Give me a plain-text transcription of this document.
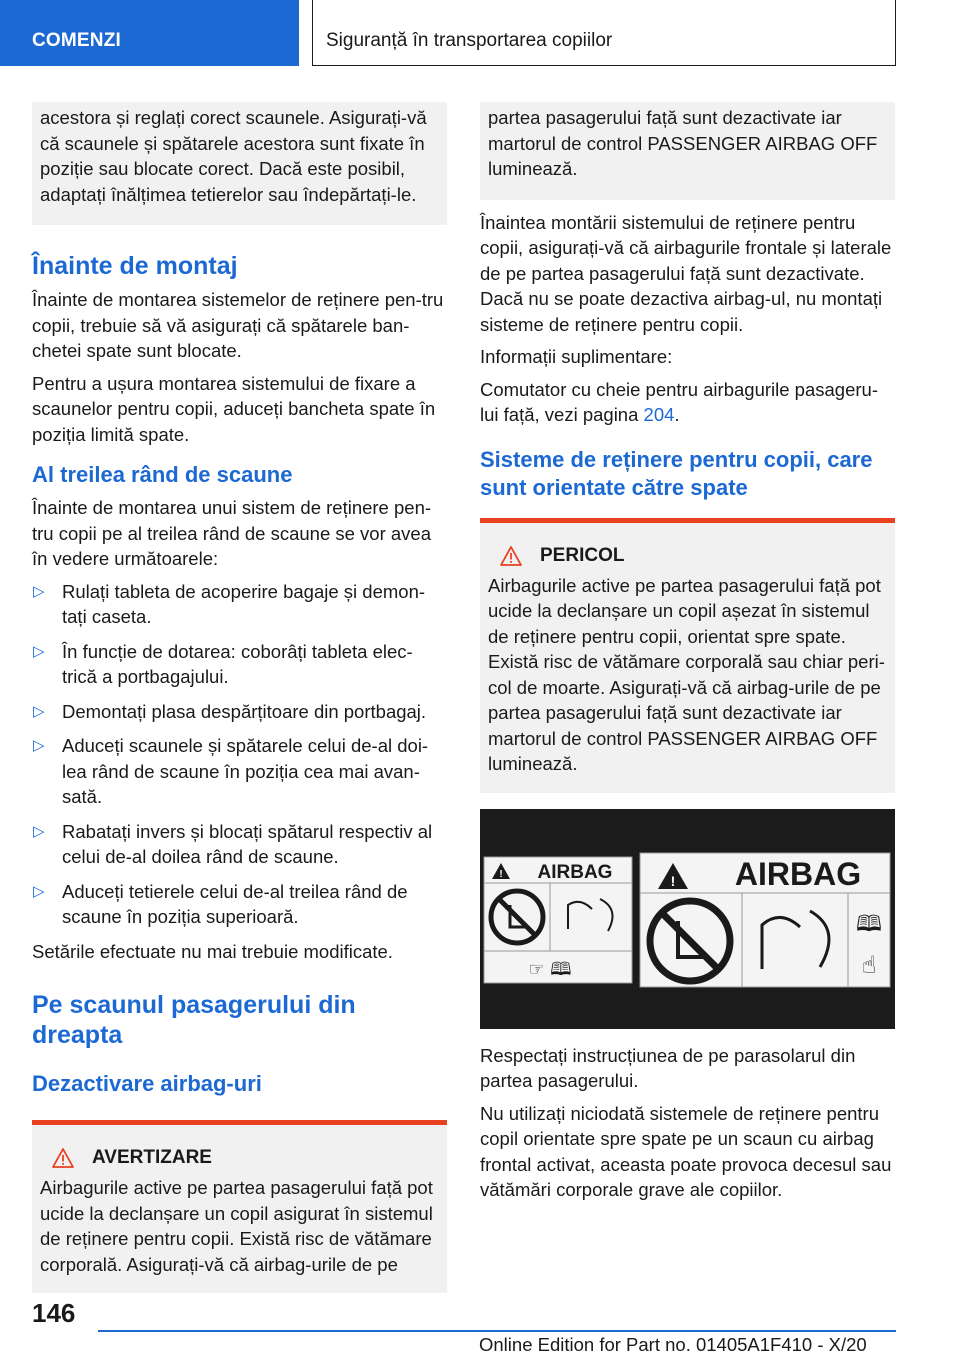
COMENZI	Siguranță în transportarea copiilor
acestora și reglați corect scaunele. Asigurați-vă că scaunele și spătarele acestora sunt fixate în poziție sau blocate corect. Dacă este posibil, adaptați înălțimea tetierelor sau îndepărtați-le.
Înainte de montaj

Înainte de montarea sistemelor de reținere pen-tru copii, trebuie să vă asigurați că spătarele ban-chetei spate sunt blocate.

Pentru a ușura montarea sistemului de fixare a scaunelor pentru copii, aduceți bancheta spate în poziția limită spate.

Al treilea rând de scaune

Înainte de montarea unui sistem de reținere pen-tru copii pe al treilea rând de scaune se vor avea în vedere următoarele:

▷ Rulați tableta de acoperire bagaje și demon-tați caseta.
▷ În funcție de dotarea: coborâți tableta elec-trică a portbagajului.
▷ Demontați plasa despărțitoare din portbagaj.
▷ Aduceți scaunele și spătarele celui de-al doi-lea rând de scaune în poziția cea mai avan-sată.
▷ Rabatați invers și blocați spătarul respectiv al celui de-al doilea rând de scaune.
▷ Aduceți tetierele celui de-al treilea rând de scaune în poziția superioară.

Setările efectuate nu mai trebuie modificate.

Pe scaunul pasagerului din dreapta
Dezactivare airbag-uri
AVERTIZARE
Airbagurile active pe partea pasagerului față pot ucide la declanșare un copil asigurat în sistemul de reținere pentru copii. Există risc de vătămare corporală. Asigurați-vă că airbag-urile de pe
partea pasagerului față sunt dezactivate iar martorul de control PASSENGER AIRBAG OFF luminează.

Înaintea montării sistemului de reținere pentru copii, asigurați-vă că airbagurile frontale și laterale de pe partea pasagerului față sunt dezactivate. Dacă nu se poate dezactiva airbag-ul, nu montați sisteme de reținere pentru copii.

Informații suplimentare:

Comutator cu cheie pentru airbagurile pasageru-lui față, vezi pagina 204.

Sisteme de reținere pentru copii, care sunt orientate către spate
PERICOL
Airbagurile active pe partea pasagerului față pot ucide la declanșare un copil așezat în sistemul de reținere pentru copii, orientat spre spate. Există risc de vătămare corporală sau chiar peri-col de moarte. Asigurați-vă că airbag-urile de pe partea pasagerului față sunt dezactivate iar martorul de control PASSENGER AIRBAG OFF luminează.
! AIRBAG
☞ 🕮
! AIRBAG
🕮
☝

Respectați instrucțiunea de pe parasolarul din partea pasagerului.

Nu utilizați niciodată sistemele de reținere pentru copil orientate spre spate pe un scaun cu airbag frontal activat, aceasta poate provoca decesul sau vătămări corporale grave ale copiilor.

146
Online Edition for Part no. 01405A1F410 - X/20
